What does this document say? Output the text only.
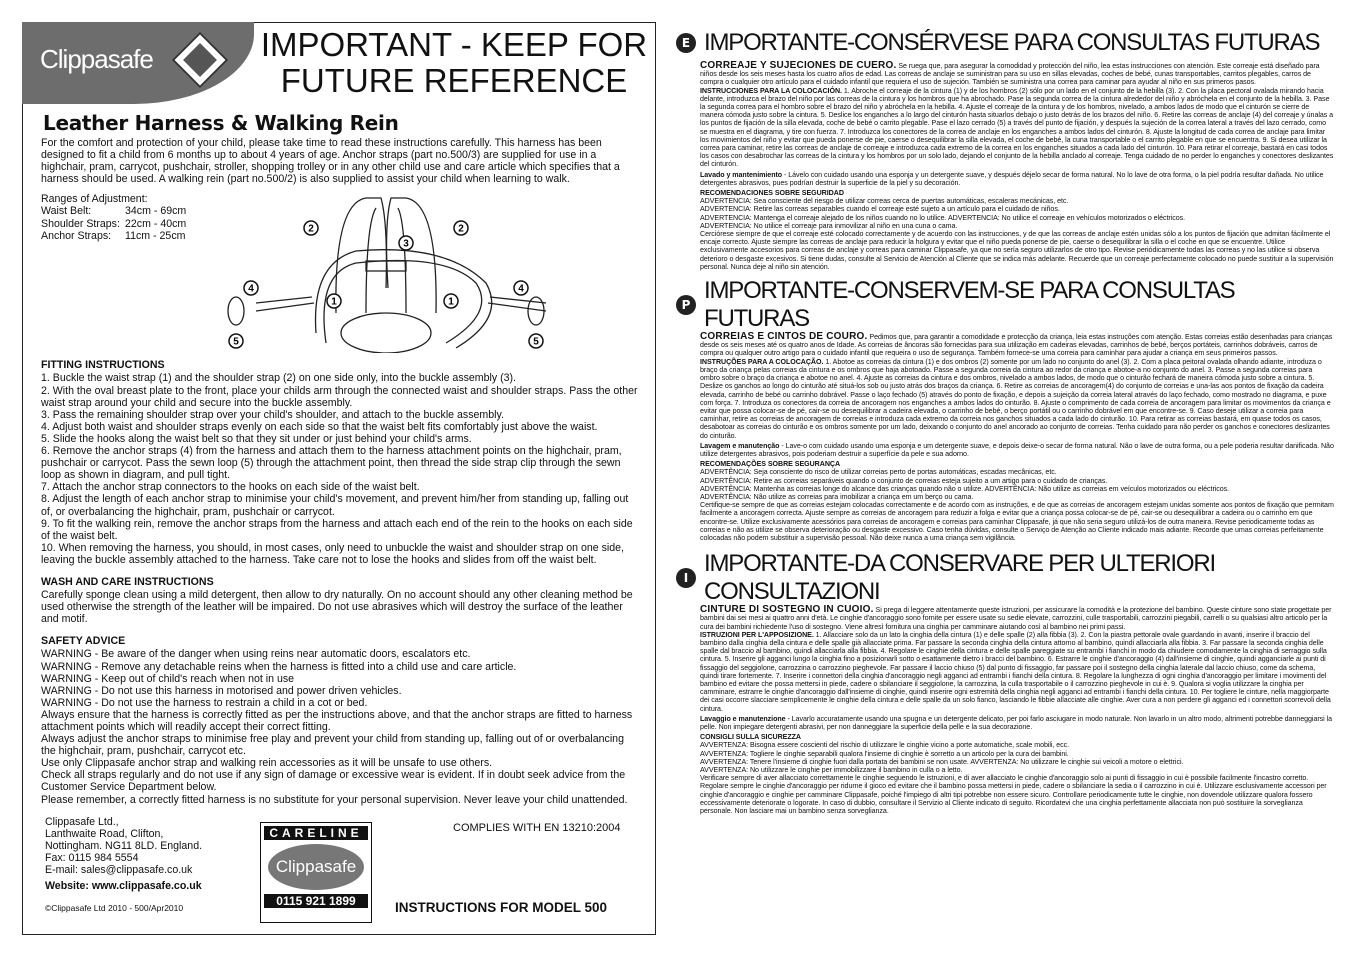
Clippasafe	IMPORTANT - KEEP FOR
FUTURE REFERENCE
Leather Harness & Walking Rein

For the comfort and protection of your child, please take time to read these instructions carefully. This harness has been designed to fit a child from 6 months up to about 4 years of age. Anchor straps (part no.500/3) are supplied for use in a highchair, pram, carrycot, pushchair, stroller, shopping trolley or in any other child use and care article which specifies that a harness should be used. A walking rein (part no.500/2) is also supplied to assist your child when learning to walk.

Ranges of Adjustment:
Waist Belt:	34cm - 69cm
Shoulder Straps: 22cm - 40cm
Anchor Straps:	11cm - 25cm
1	1
2	2
3
4	4
5	5
FITTING INSTRUCTIONS
1. Buckle the waist strap (1) and the shoulder strap (2) on one side only, into the buckle assembly (3).
2. With the oval breast plate to the front, place your childs arm through the connected waist and shoulder straps. Pass the other waist strap around your child and secure into the buckle assembly.
3. Pass the remaining shoulder strap over your child's shoulder, and attach to the buckle assembly.
4. Adjust both waist and shoulder straps evenly on each side so that the waist belt fits comfortably just above the waist.
5. Slide the hooks along the waist belt so that they sit under or just behind your child's arms.
6. Remove the anchor straps (4) from the harness and attach them to the harness attachment points on the highchair, pram, pushchair or carrycot. Pass the sewn loop (5) through the attachment point, then thread the side strap clip through the sewn loop as shown in diagram, and pull tight.
7. Attach the anchor strap connectors to the hooks on each side of the waist belt.
8. Adjust the length of each anchor strap to minimise your child's movement, and prevent him/her from standing up, falling out of, or overbalancing the highchair, pram, pushchair or carrycot.
9. To fit the walking rein, remove the anchor straps from the harness and attach each end of the rein to the hooks on each side of the waist belt.
10. When removing the harness, you should, in most cases, only need to unbuckle the waist and shoulder strap on one side, leaving the buckle assembly attached to the harness. Take care not to lose the hooks and slides from off the waist belt.
WASH AND CARE INSTRUCTIONS

Carefully sponge clean using a mild detergent, then allow to dry naturally. On no account should any other cleaning method be used otherwise the strength of the leather will be impaired. Do not use abrasives which will destroy the surface of the leather and motif.

SAFETY ADVICE
WARNING - Be aware of the danger when using reins near automatic doors, escalators etc.
WARNING - Remove any detachable reins when the harness is fitted into a child use and care article.
WARNING - Keep out of child's reach when not in use
WARNING - Do not use this harness in motorised and power driven vehicles.
WARNING - Do not use the harness to restrain a child in a cot or bed.
Always ensure that the harness is correctly fitted as per the instructions above, and that the anchor straps are fitted to harness attachment points which will readily accept their correct fitting.
Always adjust the anchor straps to minimise free play and prevent your child from standing up, falling out of or overbalancing the highchair, pram, pushchair, carrycot etc.
Use only Clippasafe anchor strap and walking rein accessories as it will be unsafe to use others.
Check all straps regularly and do not use if any sign of damage or excessive wear is evident. If in doubt seek advice from the Customer Service Department below.
Please remember, a correctly fitted harness is no substitute for your personal supervision. Never leave your child unattended.
Clippasafe Ltd.,
Lanthwaite Road, Clifton,
Nottingham. NG11 8LD. England.
Fax: 0115 984 5554
E-mail: sales@clippasafe.co.uk
Website: www.clippasafe.co.uk
©Clippasafe Ltd 2010 - 500/Apr2010
CARELINE
Clippasafe
0115 921 1899
COMPLIES WITH EN 13210:2004
INSTRUCTIONS FOR MODEL 500
E IMPORTANTE-CONSÉRVESE PARA CONSULTAS FUTURAS

CORREAJE Y SUJECIONES DE CUERO. Se ruega que, para asegurar la comodidad y protección del niño, lea estas instrucciones con atención. Este correaje está diseñado para niños desde los seis meses hasta los cuatro años de edad. Las correas de anclaje se suministran para su uso en sillas elevadas, coches de bebé, cunas transportables, carritos plegables, carros de compra o cualquier otro artículo para el cuidado infantil que requiera el uso de sujeción. También se suministra una correa para caminar para ayudar al niño en sus primeros pasos.

INSTRUCCIONES PARA LA COLOCACIÓN. 1. Abroche el correaje de la cintura (1) y de los hombros (2) sólo por un lado en el conjunto de la hebilla (3). 2. Con la placa pectoral ovalada mirando hacia delante, introduzca el brazo del niño por las correas de la cintura y los hombros que ha abrochado. Pase la segunda correa de la cintura alrededor del niño y abróchela en el conjunto de la hebilla. 3. Pase la segunda correa para el hombro sobre el brazo del niño y abróchela en la hebilla. 4. Ajuste el correaje de la cintura y de los hombros, nivelado, a ambos lados de modo que el cinturón se cierre de manera cómoda justo sobre la cintura. 5. Deslice los enganches a lo largo del cinturón hasta situarlos debajo o justo detrás de los brazos del niño. 6. Retire las correas de anclaje (4) del correaje y únalas a los puntos de fijación de la silla elevada, coche de bebé o carrito plegable. Pase el lazo cerrado (5) a través del punto de fijación, y después la sujeción de la correa lateral a través del lazo cerrado, como se muestra en el diagrama, y tire con fuerza. 7. Introduzca los conectores de la correa de anclaje en los enganches a ambos lados del cinturón. 8. Ajuste la longitud de cada correa de anclaje para limitar los movimientos del niño y evitar que pueda ponerse de pie, caerse o desequilibrar la silla elevada, el coche de bebé, la cuna transportable o el carrito plegable en que se encuentra. 9. Si desea utilizar la correa para caminar, retire las correas de anclaje de correaje e introduzca cada extremo de la correa en los enganches situados a cada lado del cinturón. 10. Para retirar el correaje, bastará en casi todos los casos con desabrochar las correas de la cintura y los hombros por un solo lado, dejando el conjunto de la hebilla anclado al correaje. Tenga cuidado de no perder lo enganches y conectores deslizantes del cinturón.

Lavado y mantenimiento - Lávelo con cuidado usando una esponja y un detergente suave, y después déjelo secar de forma natural. No lo lave de otra forma, o la piel podría resultar dañada. No utilice detergentes abrasivos, pues podrían destruir la superficie de la piel y su decoración.

RECOMENDACIONES SOBRE SEGURIDAD

ADVERTENCIA: Sea consciente del riesgo de utilizar correas cerca de puertas automáticas, escaleras mecánicas, etc.

ADVERTENCIA: Retire las correas separables cuando el correaje esté sujeto a un artículo para el cuidado de niños.

ADVERTENCIA: Mantenga el correaje alejado de los niños cuando no lo utilice. ADVERTENCIA: No utilice el correaje en vehículos motorizados o eléctricos.

ADVERTENCIA: No utilice el correaje para inmovilizar al niño en una cuna o cama.

Cerciórese siempre de que el correaje esté colocado correctamente y de acuerdo con las instrucciones, y de que las correas de anclaje estén unidas sólo a los puntos de fijación que admitan fácilmente el encaje correcto. Ajuste siempre las correas de anclaje para reducir la holgura y evitar que el niño pueda ponerse de pie, caerse o desequilibrar la silla o el coche en que se encuentre. Utilice exclusivamente accesorios para correas de anclaje y correas para caminar Clippasafe, ya que no sería seguro utilizarlos de otro tipo. Revise periódicamente todas las correas y no las utilice si observa deterioro o desgaste excesivos. Si tiene dudas, consulte al Servicio de Atención al Cliente que se indica más adelante. Recuerde que un correaje perfectamente colocado no puede sustituir a la supervisión personal. Nunca deje al niño sin atención.

P
IMPORTANTE-CONSERVEM-SE PARA CONSULTAS FUTURAS

CORREIAS E CINTOS DE COURO. Pedimos que, para garantir a comodidade e protecção da criança, leia estas instruções com atenção. Estas correias estão desenhadas para crianças desde os seis meses até os quatro anos de Idade. As correias de âncoras são fornecidas para sua utilização em cadeiras elevadas, carrinhos de bebé, berços portáteis, carrinhos dobráveis, carros de compra ou qualquer outro artigo para o cuidado infantil que requeira o uso de segurança. Também fornece-se uma correia para caminhar para ajudar a criança em seus primeiros passos.

INSTRUÇÕES PARA A COLOCAÇÃO. 1. Abotoe as correias da cintura (1) e dos ombros (2) somente por um lado no conjunto do anel (3). 2. Com a placa peitoral ovalada olhando adiante, introduza o braço da criança pelas correias da cintura e os ombros que haja abotoado. Passe a segunda correia da cintura ao redor da criança e abotoe-a no conjunto do anel. 3. Passe a segunda correias para ombro sobre o braço da criança e abotoe no anel. 4. Ajuste as correias da cintura e dos ombros, nivelado a ambos lados, de modo que o cinturão fechará de maneira cómoda justo sobre a cintura. 5. Deslize os ganchos ao longo do cinturão até situá-los sob ou justo atrás dos braços da criança. 6. Retire as correias de ancoragem(4) do conjunto de correias e una-las aos pontos de fixação da cadeira elevada, carrinho de bebé ou carrinho dobrável. Passe o laço fechado (5) através do ponto de fixação, e depois a sujeição da correia lateral através do laço fechado, como mostrado no diagrama, e puxe com força. 7. Introduza os conectores da correia de ancoragem nos enganches a ambos lados do cinturão. 8. Ajuste o comprimento de cada correia de ancoragem para limitar os movimentos da criança e evitar que possa colocar-se de pé, cair-se ou desequilibrar a cadeira elevada, o carrinho de bebé, o berço portátil ou o carrinho dobrável em que encontre-se. 9. Caso deseje utilizar a correia para caminhar, retire as correias de ancoragem de correias e introduza cada extremo da correia nos ganchos situados a cada lado do cinturão. 10. Para retirar as correias bastará, em quase todos os casos, desabotoar as correias do cinturão e os ombros somente por um lado, deixando o conjunto do anel ancorado ao conjunto de correias. Tenha cuidado para não perder os ganchos e conectores deslizantes do cinturão.

Lavagem e manutenção - Lave-o com cuidado usando uma esponja e um detergente suave, e depois deixe-o secar de forma natural. Não o lave de outra forma, ou a pele poderia resultar danificada. Não utilize detergentes abrasivos, pois poderiam destruir a superfície da pele e sua adorno.

RECOMENDAÇÕES SOBRE SEGURANÇA

ADVERTÊNCIA: Seja consciente do risco de utilizar correias perto de portas automáticas, escadas mecânicas, etc.

ADVERTÊNCIA: Retire as correias separáveis quando o conjunto de correias esteja sujeito a um artigo para o cuidado de crianças.

ADVERTÊNCIA: Mantenha as correias longe do alcance das crianças quando não o utilize. ADVERTÊNCIA: Não utilize as correias em veículos motorizados ou eléctricos.

ADVERTÊNCIA: Não utilize as correias para imobilizar a criança em um berço ou cama.

Certifique-se sempre de que as correias estejam colocadas correctamente e de acordo com as instruções, e de que as correias de ancoragem estejam unidas somente aos pontos de fixação que permitam facilmente a ancoragem correcta. Ajuste sempre as correias de ancoragem para reduzir a folga e evitar que a criança possa colocar-se de pé, cair-se ou desequilibrar a cadeira ou o carrinho em que encontre-se. Utilize exclusivamente acessórios para correias de ancoragem e correias para caminhar Clippasafe, já que não seria seguro utilizá-los de outra maneira. Revise periodicamente todas as correias e não as utilize se observa deterioração ou desgaste excessivo. Caso tenha dúvidas, consulte o Serviço de Atenção ao Cliente indicado mais adiante. Recorde que umas correias perfeitamente colocadas não podem substituir a supervisão pessoal. Não deixe nunca a uma criança sem vigilância.

I
IMPORTANTE-DA CONSERVARE PER ULTERIORI CONSULTAZIONI

CINTURE DI SOSTEGNO IN CUOIO. Si prega di leggere attentamente queste istruzioni, per assicurare la comodità e la protezione del bambino. Queste cinture sono state progettate per bambini dai sei mesi ai quattro anni d'età. Le cinghie d'ancoraggio sono fornite per essere usate su sedie elevate, carrozzini, culle trasportabili, carrozzini piegabili, carrelli o su qualsiasi altro articolo per la cura dei bambini richiedente l'uso di sostegno. Viene altresì fornitura una cinghia per camminare aiutando così al bambino nei primi passi.

ISTRUZIONI PER L'APPOSIZIONE. 1. Allacciare solo da un lato la cinghia della cintura (1) e delle spalle (2) alla fibbia (3). 2. Con la piastra pettorale ovale guardando in avanti, inserire il braccio del bambino dalla cinghia della cintura e delle spalle già allacciate prima. Far passare la seconda cinghia della cintura attorno al bambino, quindi allacciarla alla fibbia. 3. Far passare la seconda cinghia delle spalle dal braccio al bambino, quindi allacciarla alla fibbia. 4. Regolare le cinghie della cintura e delle spalle pareggiate su entrambi i fianchi in modo da chiudere comodamente la cinghia di serraggio sulla cintura. 5. Inserire gli agganci lungo la cinghia fino a posizionarli sotto o esattamente dietro i bracci del bambino. 6. Estrarre le cinghie d'ancoraggio (4) dall'insieme di cinghie, quindi agganciarle ai punti di fissaggio del seggiolone, carrozzina o carrozzino pieghevole. Far passare il laccio chiuso (5) dal punto di fissaggio, far passare poi il sostegno della cinghia laterale dal laccio chiuso, come da schema, quindi tirare fortemente. 7. Inserire i connettori della cinghia d'ancoraggio negli agganci ad entrambi i fianchi della cintura. 8. Regolare la lunghezza di ogni cinghia d'ancoraggio per limitare i movimenti del bambino ed evitare che possa mettersi in piede, cadere o sbilanciare il seggiolone, la carrozzina, la culla trasportabile o il carrozzino pieghevole in cui è. 9. Qualora si voglia utilizzare la cinghia per camminare, estrarre le cinghie d'ancoraggio dall'insieme di cinghie, quindi inserire ogni estremità della cinghia negli agganci ad entrambi i fianchi della cintura. 10. Per togliere le cinture, nella maggiorparte dei casi occorre slacciare semplicemente le cinghie della cintura e delle spalle da un solo fianco, lasciando le fibbie allacciate alle cinghie. Aver cura a non perdere gli agganci ed i connettori scorrevoli della cintura.

Lavaggio e manutenzione - Lavarlo accuratamente usando una spugna e un detergente delicato, per poi farlo asciugare in modo naturale. Non lavarlo in un altro modo, altrimenti potrebbe danneggiarsi la pelle. Non impiegare detergenti abrasivi, per non danneggiare la superficie della pelle e la sua decorazione.

CONSIGLI SULLA SICUREZZA

AVVERTENZA: Bisogna essere coscienti del rischio di utilizzare le cinghie vicino a porte automatiche, scale mobili, ecc.

AVVERTENZA: Togliere le cinghie separabili qualora l'insieme di cinghie è sorretto a un articolo per la cura dei bambini.

AVVERTENZA: Tenere l'insieme di cinghie fuori dalla portata dei bambini se non usate. AVVERTENZA: No utilizzare le cinghie sui veicoli a motore o elettrici.

AVVERTENZA: No utilizzare le cinghie per immobilizzare il bambino in culla o a letto.

Verificare sempre di aver allacciato correttamente le cinghie seguendo le istruzioni, e di aver allacciato le cinghie d'ancoraggio solo ai punti di fissaggio in cui è possibile facilmente l'incastro corretto. Regolare sempre le cinghie d'ancoraggio per ridurne il gioco ed evitare che il bambino possa mettersi in piede, cadere o sbilanciare la sedia o il carrozzino in cui è. Utilizzare esclusivamente accessori per cinghie d'ancoraggio e cinghie per camminare Clippasafe, poiché l'impiego di altri tipi potrebbe non essere sicuro. Controllare periodicamente tutte le cinghie, non dovendole utilizzare qualora fossero eccessivamente deteriorate o logorate. In caso di dubbio, consultare il Servizio al Cliente indicato di seguito. Ricordatevi che una cinghia perfettamente allacciata non può sostituire la sorveglianza personale. Non lasciare mai un bambino senza sorveglianza.
